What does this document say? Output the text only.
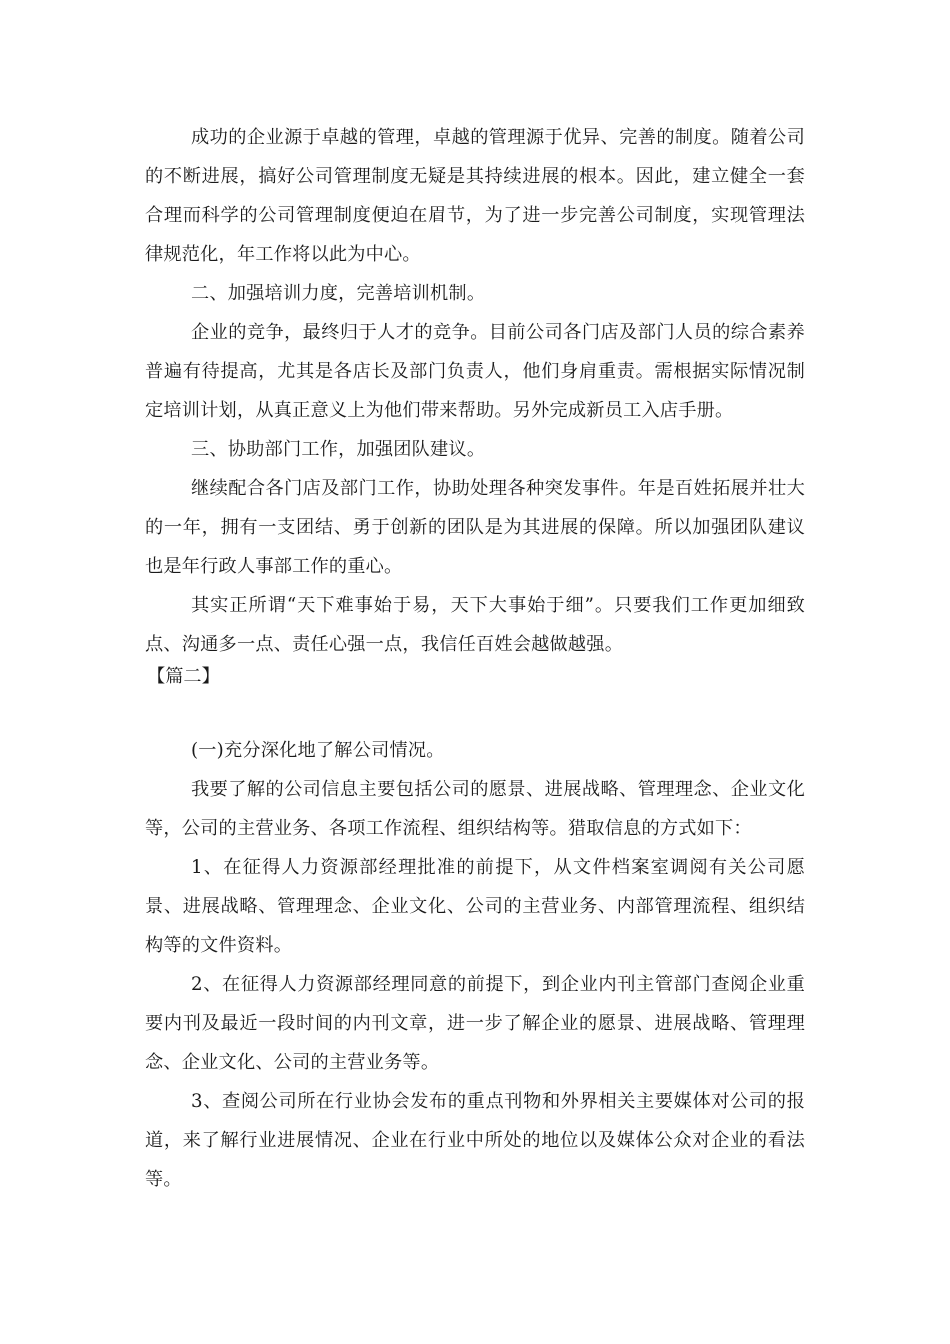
成功的企业源于卓越的管理，卓越的管理源于优异、完善的制度。随着公司的不断进展，搞好公司管理制度无疑是其持续进展的根本。因此，建立健全一套合理而科学的公司管理制度便迫在眉节，为了进一步完善公司制度，实现管理法律规范化，年工作将以此为中心。

二、加强培训力度，完善培训机制。

企业的竞争，最终归于人才的竞争。目前公司各门店及部门人员的综合素养普遍有待提高，尤其是各店长及部门负责人，他们身肩重责。需根据实际情况制定培训计划，从真正意义上为他们带来帮助。另外完成新员工入店手册。

三、协助部门工作，加强团队建议。

继续配合各门店及部门工作，协助处理各种突发事件。年是百姓拓展并壮大的一年，拥有一支团结、勇于创新的团队是为其进展的保障。所以加强团队建议也是年行政人事部工作的重心。

其实正所谓“天下难事始于易，天下大事始于细”。只要我们工作更加细致点、沟通多一点、责任心强一点，我信任百姓会越做越强。

【篇二】

(一)充分深化地了解公司情况。

我要了解的公司信息主要包括公司的愿景、进展战略、管理理念、企业文化等，公司的主营业务、各项工作流程、组织结构等。猎取信息的方式如下：

1、在征得人力资源部经理批准的前提下，从文件档案室调阅有关公司愿景、进展战略、管理理念、企业文化、公司的主营业务、内部管理流程、组织结构等的文件资料。

2、在征得人力资源部经理同意的前提下，到企业内刊主管部门查阅企业重要内刊及最近一段时间的内刊文章，进一步了解企业的愿景、进展战略、管理理念、企业文化、公司的主营业务等。

3、查阅公司所在行业协会发布的重点刊物和外界相关主要媒体对公司的报道，来了解行业进展情况、企业在行业中所处的地位以及媒体公众对企业的看法等。
